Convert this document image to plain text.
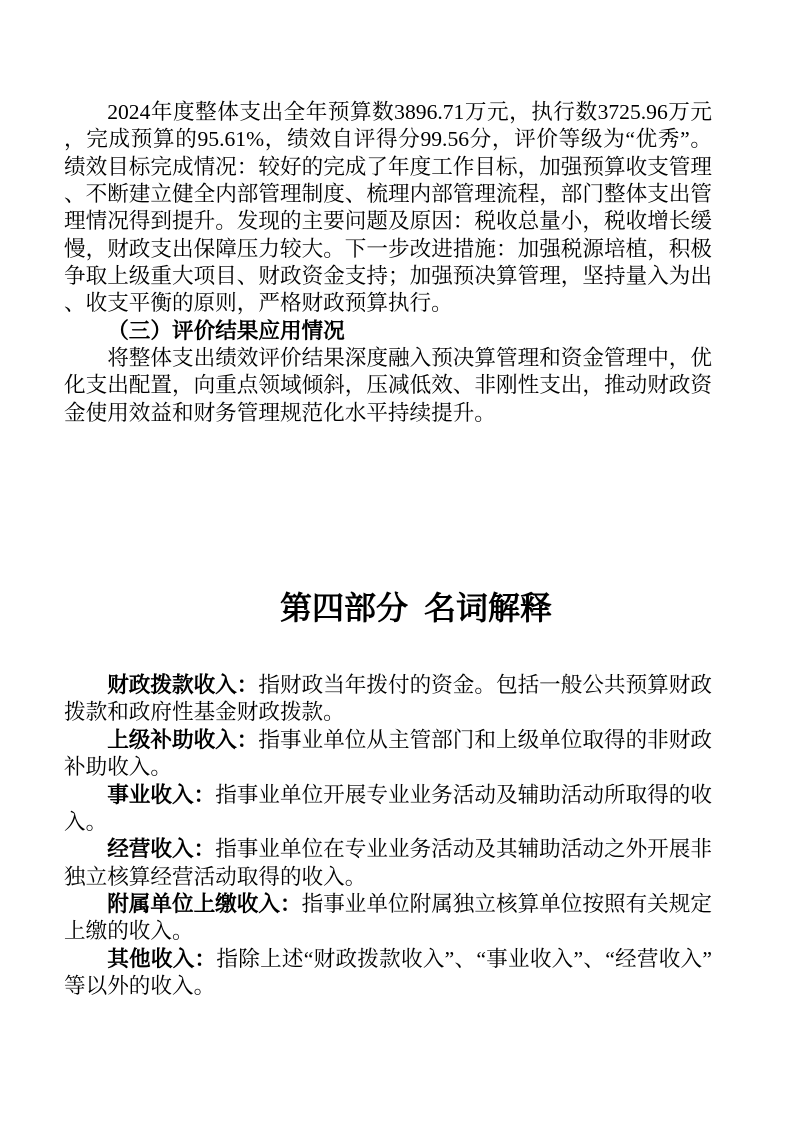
2024年度整体支出全年预算数3896.71万元，执行数3725.96万元，完成预算的95.61%，绩效自评得分99.56分，评价等级为“优秀”。绩效目标完成情况：较好的完成了年度工作目标，加强预算收支管理、不断建立健全内部管理制度、梳理内部管理流程，部门整体支出管理情况得到提升。发现的主要问题及原因：税收总量小，税收增长缓慢，财政支出保障压力较大。下一步改进措施：加强税源培植，积极争取上级重大项目、财政资金支持；加强预决算管理，坚持量入为出、收支平衡的原则，严格财政预算执行。

（三）评价结果应用情况

将整体支出绩效评价结果深度融入预决算管理和资金管理中，优化支出配置，向重点领域倾斜，压减低效、非刚性支出，推动财政资金使用效益和财务管理规范化水平持续提升。

第四部分  名词解释

财政拨款收入：指财政当年拨付的资金。包括一般公共预算财政拨款和政府性基金财政拨款。

上级补助收入：指事业单位从主管部门和上级单位取得的非财政补助收入。

事业收入：指事业单位开展专业业务活动及辅助活动所取得的收入。

经营收入：指事业单位在专业业务活动及其辅助活动之外开展非独立核算经营活动取得的收入。

附属单位上缴收入：指事业单位附属独立核算单位按照有关规定上缴的收入。

其他收入：指除上述“财政拨款收入”、“事业收入”、“经营收入”等以外的收入。
